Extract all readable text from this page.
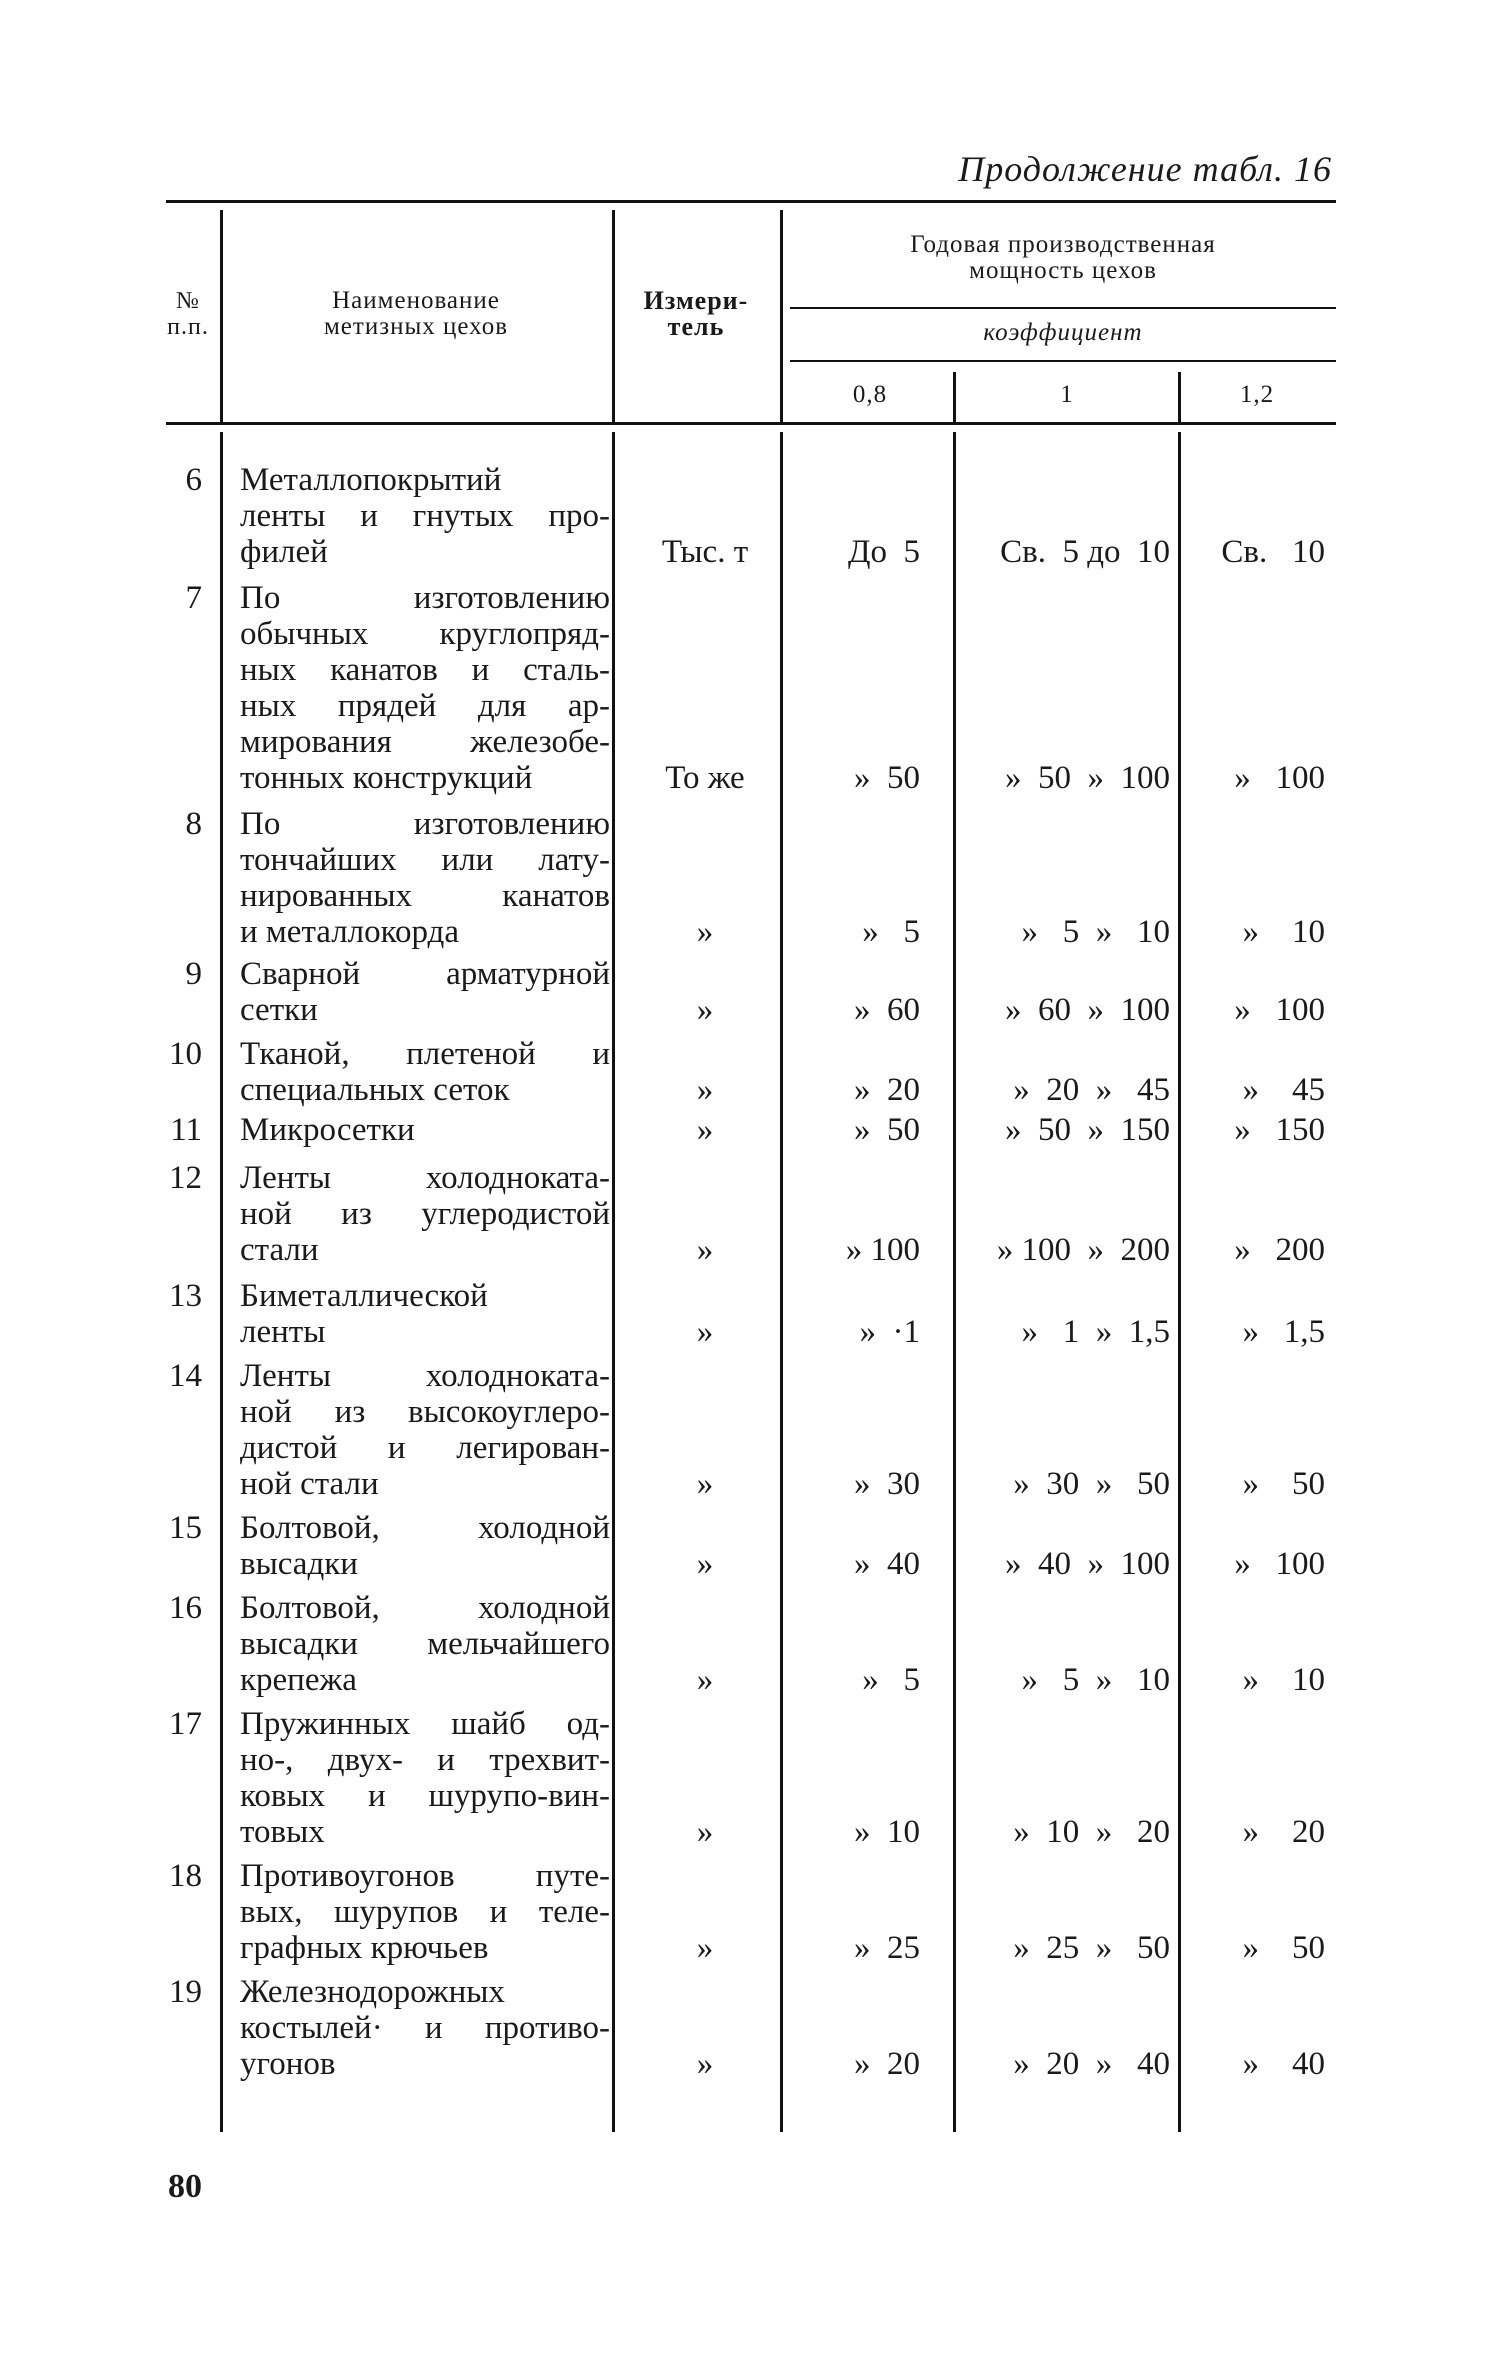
Продолжение табл. 16
№
п.п.
Наименование
метизных цехов
Измери-
тель
Годовая производственная
мощность цехов
коэффициент
0,8	1	1,2
6 Металлопокрытий
ленты и гнутых про-
филей	Тыс. т	До  5	Св.  5 до  10	Св.   10
7 По изготовлению
обычных круглопряд-
ных канатов и сталь-
ных прядей для ар-
мирования железобе-
тонных конструкций	То же	»  50	»  50  »  100	»   100
8 По изготовлению
тончайших или лату-
нированных канатов
и металлокорда	»	»   5	»   5  »   10	»    10
9 Сварной арматурной
сетки	»	»  60	»  60  »  100	»   100
10 Тканой, плетеной и
специальных сеток	»	»  20	»  20  »   45	»    45
11 Микросетки	»	»  50	»  50  »  150	»   150
12 Ленты холодноката-
ной из углеродистой
стали	»	» 100	» 100  »  200	»   200
13 Биметаллической
ленты	»	»  ·1	»   1  »  1,5	»   1,5
14 Ленты холодноката-
ной из высокоуглеро-
дистой и легирован-
ной стали	»	»  30	»  30  »   50	»    50
15 Болтовой, холодной
высадки	»	»  40	»  40  »  100	»   100
16 Болтовой, холодной
высадки мельчайшего
крепежа	»	»   5	»   5  »   10	»    10
17 Пружинных шайб од-
но-, двух- и трехвит-
ковых и шурупо-вин-
товых	»	»  10	»  10  »   20	»    20
18 Противоугонов путе-
вых, шурупов и теле-
графных крючьев	»	»  25	»  25  »   50	»    50
19 Железнодорожных
костылей· и противо-
угонов	»	»  20	»  20  »   40	»    40
80
